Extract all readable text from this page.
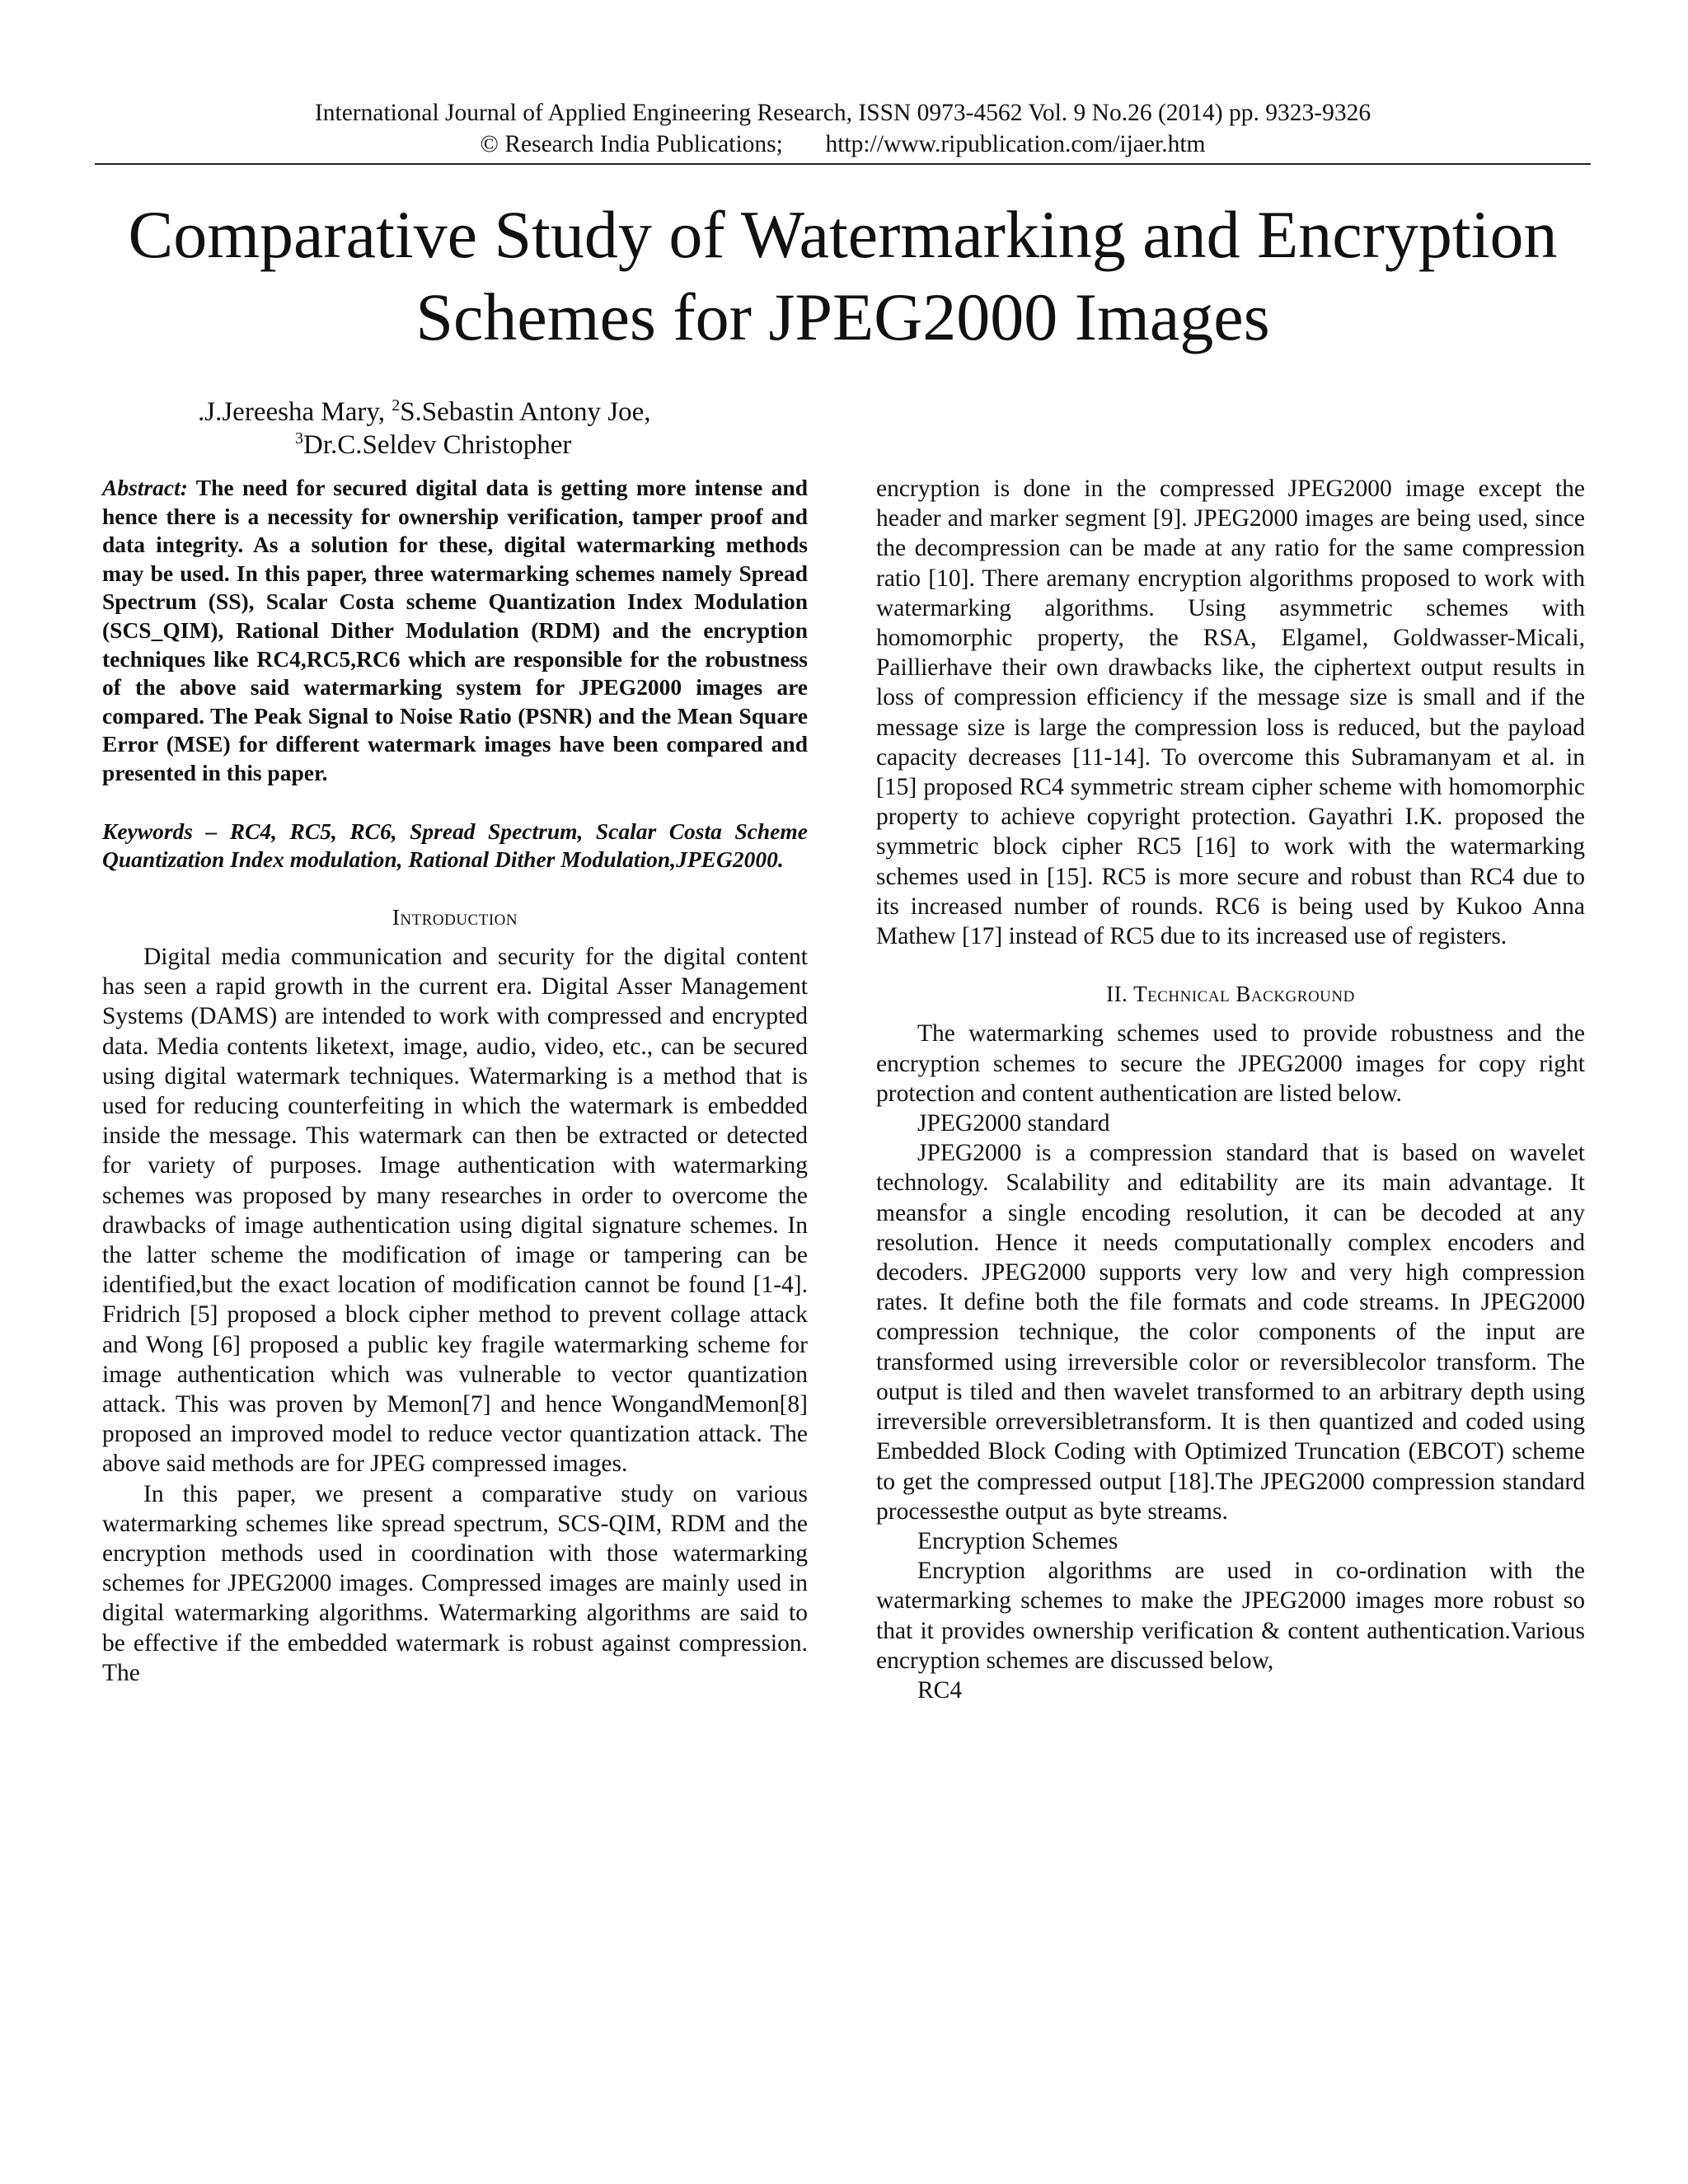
International Journal of Applied Engineering Research, ISSN 0973-4562 Vol. 9 No.26 (2014) pp. 9323-9326
© Research India Publications;       http://www.ripublication.com/ijaer.htm
Comparative Study of Watermarking and Encryption
Schemes for JPEG2000 Images
.J.Jereesha Mary, $^2$S.Sebastin Antony Joe,
$^3$Dr.C.Seldev Christopher

Abstract: The need for secured digital data is getting more intense and hence there is a necessity for ownership verification, tamper proof and data integrity. As a solution for these, digital watermarking methods may be used. In this paper, three watermarking schemes namely Spread Spectrum (SS), Scalar Costa scheme Quantization Index Modulation (SCS_QIM), Rational Dither Modulation (RDM) and the encryption techniques like RC4,RC5,RC6 which are responsible for the robustness of the above said watermarking system for JPEG2000 images are compared. The Peak Signal to Noise Ratio (PSNR) and the Mean Square Error (MSE) for different watermark images have been compared and presented in this paper.

Keywords – RC4, RC5, RC6, Spread Spectrum, Scalar Costa Scheme Quantization Index modulation, Rational Dither Modulation,JPEG2000.

Introduction

Digital media communication and security for the digital content has seen a rapid growth in the current era. Digital Asser Management Systems (DAMS) are intended to work with compressed and encrypted data. Media contents liketext, image, audio, video, etc., can be secured using digital watermark techniques. Watermarking is a method that is used for reducing counterfeiting in which the watermark is embedded inside the message. This watermark can then be extracted or detected for variety of purposes. Image authentication with watermarking schemes was proposed by many researches in order to overcome the drawbacks of image authentication using digital signature schemes. In the latter scheme the modification of image or tampering can be identified,but the exact location of modification cannot be found [1-4]. Fridrich [5] proposed a block cipher method to prevent collage attack and Wong [6] proposed a public key fragile watermarking scheme for image authentication which was vulnerable to vector quantization attack. This was proven by Memon[7] and hence WongandMemon[8] proposed an improved model to reduce vector quantization attack. The above said methods are for JPEG compressed images.

In this paper, we present a comparative study on various watermarking schemes like spread spectrum, SCS-QIM, RDM and the encryption methods used in coordination with those watermarking schemes for JPEG2000 images. Compressed images are mainly used in digital watermarking algorithms. Watermarking algorithms are said to be effective if the embedded watermark is robust against compression. The

encryption is done in the compressed JPEG2000 image except the header and marker segment [9]. JPEG2000 images are being used, since the decompression can be made at any ratio for the same compression ratio [10]. There aremany encryption algorithms proposed to work with watermarking algorithms. Using asymmetric schemes with homomorphic property, the RSA, Elgamel, Goldwasser-Micali, Paillierhave their own drawbacks like, the ciphertext output results in loss of compression efficiency if the message size is small and if the message size is large the compression loss is reduced, but the payload capacity decreases [11-14]. To overcome this Subramanyam et al. in [15] proposed RC4 symmetric stream cipher scheme with homomorphic property to achieve copyright protection. Gayathri I.K. proposed the symmetric block cipher RC5 [16] to work with the watermarking schemes used in [15]. RC5 is more secure and robust than RC4 due to its increased number of rounds. RC6 is being used by Kukoo Anna Mathew [17] instead of RC5 due to its increased use of registers.

II. Technical Background

The watermarking schemes used to provide robustness and the encryption schemes to secure the JPEG2000 images for copy right protection and content authentication are listed below.

JPEG2000 standard

JPEG2000 is a compression standard that is based on wavelet technology. Scalability and editability are its main advantage. It meansfor a single encoding resolution, it can be decoded at any resolution. Hence it needs computationally complex encoders and decoders. JPEG2000 supports very low and very high compression rates. It define both the file formats and code streams. In JPEG2000 compression technique, the color components of the input are transformed using irreversible color or reversiblecolor transform. The output is tiled and then wavelet transformed to an arbitrary depth using irreversible orreversibletransform. It is then quantized and coded using Embedded Block Coding with Optimized Truncation (EBCOT) scheme to get the compressed output [18].The JPEG2000 compression standard processesthe output as byte streams.

Encryption Schemes

Encryption algorithms are used in co-ordination with the watermarking schemes to make the JPEG2000 images more robust so that it provides ownership verification & content authentication.Various encryption schemes are discussed below,

RC4
